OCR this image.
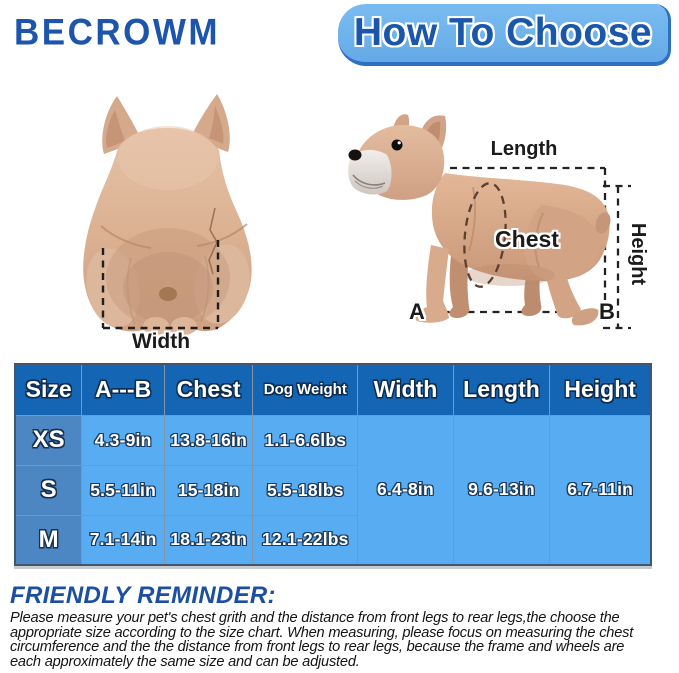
BECROWM	How To Choose
Width
Length
Chest	Height
A	B
Size	A---B	Chest	Dog Weight	Width	Length	Height
XS	4.3-9in	13.8-16in	1.1-6.6lbs	6.4-8in	9.6-13in	6.7-11in
S	5.5-11in	15-18in	5.5-18lbs			
M	7.1-14in	18.1-23in	12.1-22lbs			
FRIENDLY REMINDER:
Please measure your pet's chest grith and the distance from front legs to rear legs,the choose the
appropriate size according to the size chart. When measuring, please focus on measuring the chest
circumference and the the distance from front legs to rear legs, because the frame and wheels are
each approximately the same size and can be adjusted.
